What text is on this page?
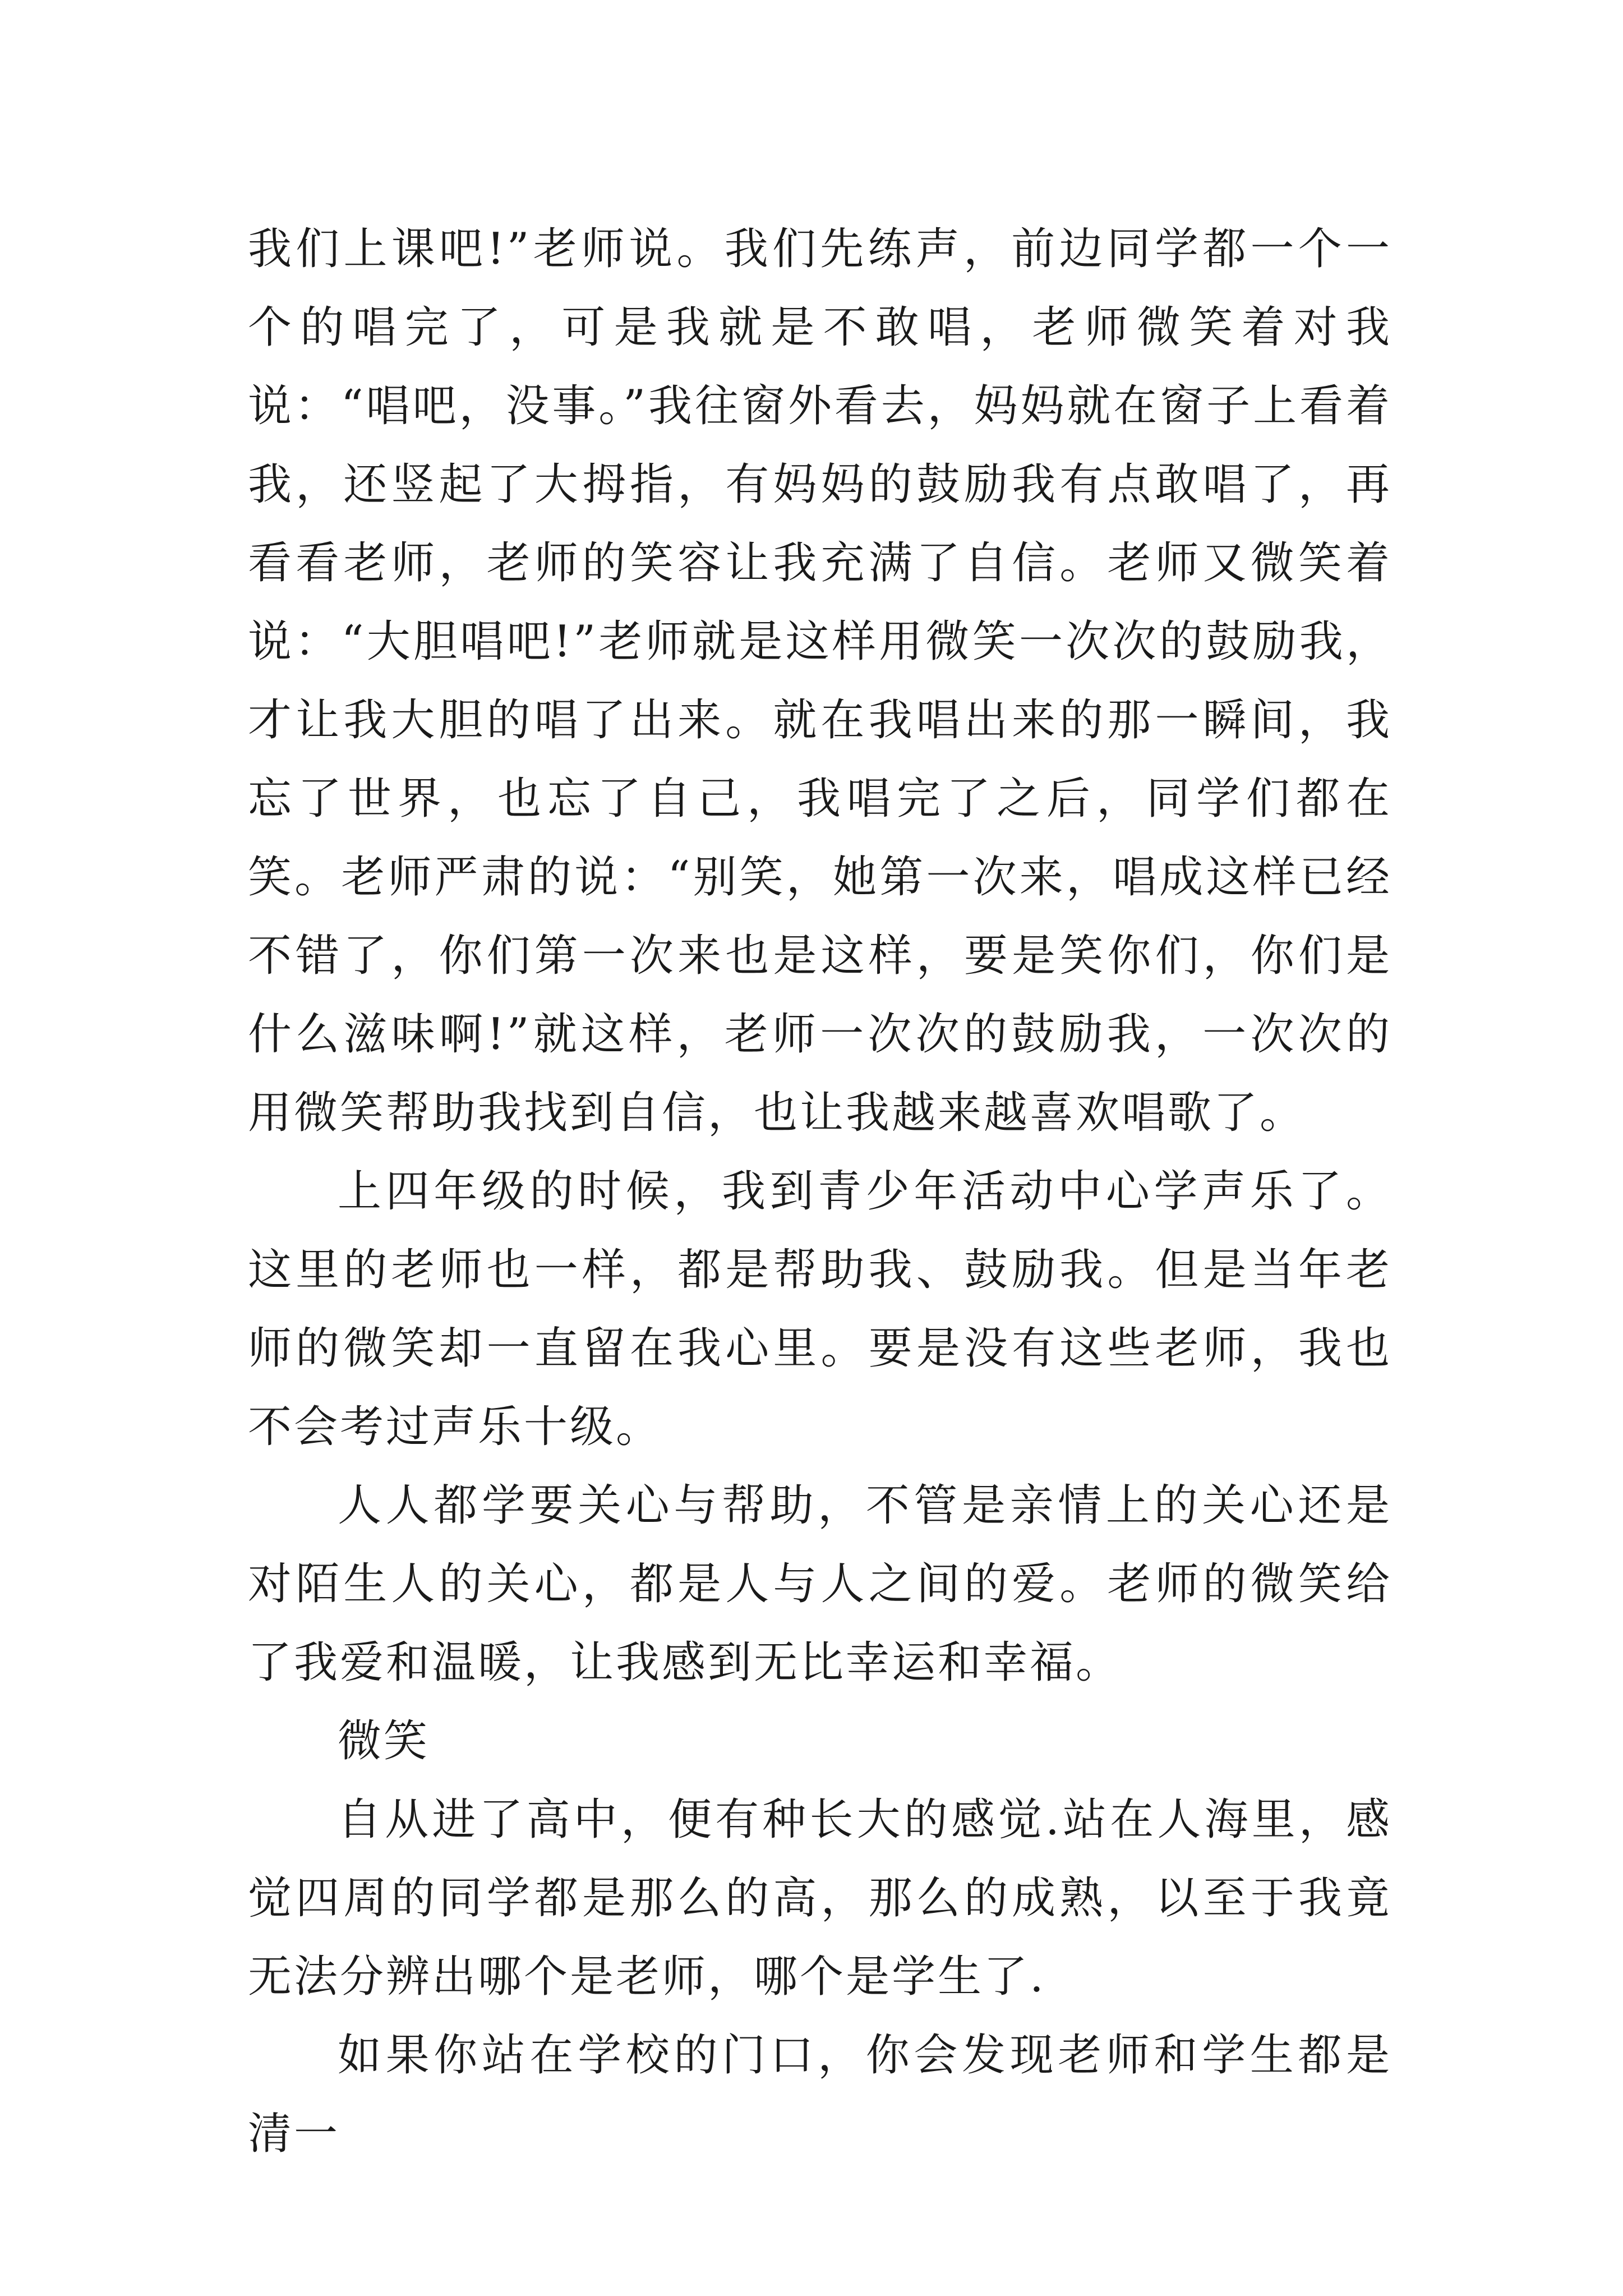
我们上课吧!”老师说。我们先练声，前边同学都一个一个的唱完了，可是我就是不敢唱，老师微笑着对我说：“唱吧，没事。”我往窗外看去，妈妈就在窗子上看着我，还竖起了大拇指，有妈妈的鼓励我有点敢唱了，再看看老师，老师的笑容让我充满了自信。老师又微笑着说：“大胆唱吧!”老师就是这样用微笑一次次的鼓励我，才让我大胆的唱了出来。就在我唱出来的那一瞬间，我忘了世界，也忘了自己，我唱完了之后，同学们都在笑。老师严肃的说：“别笑，她第一次来，唱成这样已经不错了，你们第一次来也是这样，要是笑你们，你们是什么滋味啊!”就这样，老师一次次的鼓励我，一次次的用微笑帮助我找到自信，也让我越来越喜欢唱歌了。

上四年级的时候，我到青少年活动中心学声乐了。这里的老师也一样，都是帮助我、鼓励我。但是当年老师的微笑却一直留在我心里。要是没有这些老师，我也不会考过声乐十级。

人人都学要关心与帮助，不管是亲情上的关心还是对陌生人的关心，都是人与人之间的爱。老师的微笑给了我爱和温暖，让我感到无比幸运和幸福。

微笑

自从进了高中，便有种长大的感觉.站在人海里，感觉四周的同学都是那么的高，那么的成熟，以至于我竟无法分辨出哪个是老师，哪个是学生了.

如果你站在学校的门口，你会发现老师和学生都是清一
